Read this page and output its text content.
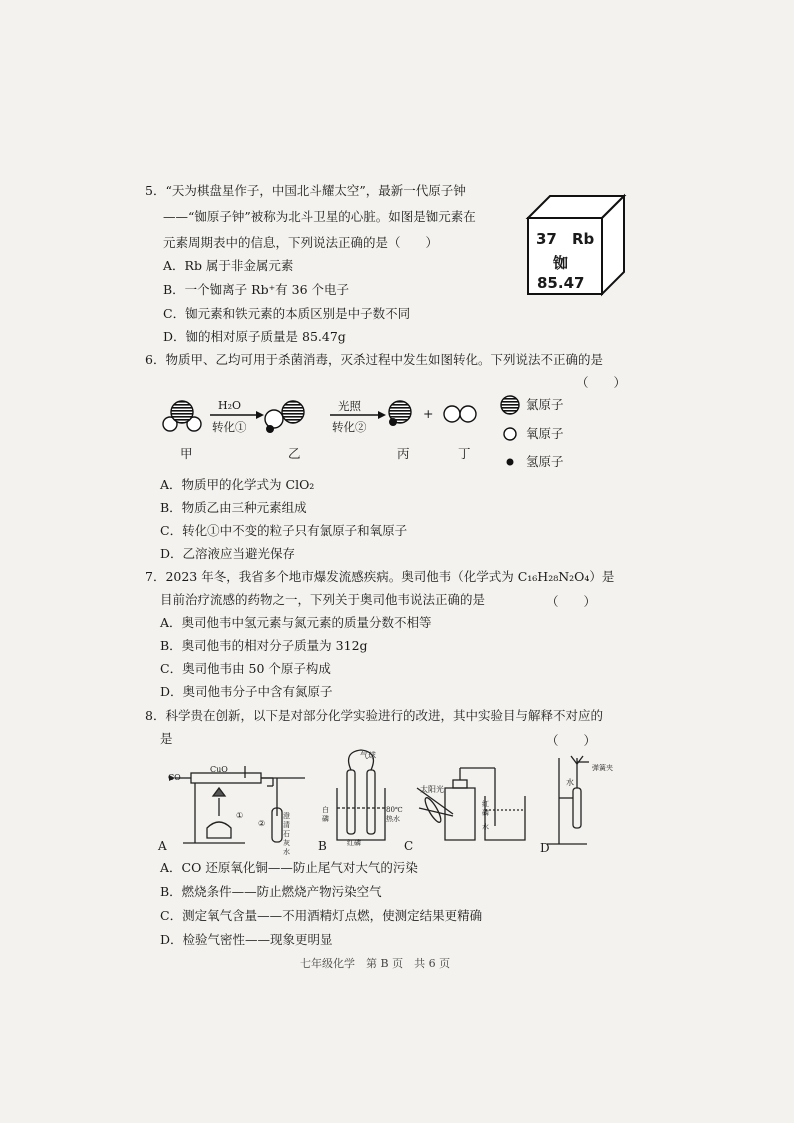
5．“天为棋盘星作子，中国北斗耀太空”，最新一代原子钟
——“铷原子钟”被称为北斗卫星的心脏。如图是铷元素在
元素周期表中的信息，下列说法正确的是（　　）
A．Rb 属于非金属元素
B．一个铷离子 Rb⁺有 36 个电子
C．铷元素和铁元素的本质区别是中子数不同
D．铷的相对原子质量是 85.47g
37 Rb
铷
85.47
6．物质甲、乙均可用于杀菌消毒，灭杀过程中发生如图转化。下列说法不正确的是
（　　）
H₂O
转化①
光照
转化②
+
甲	乙	丙	丁
氯原子
氧原子
氢原子
A．物质甲的化学式为 ClO₂
B．物质乙由三种元素组成
C．转化①中不变的粒子只有氯原子和氧原子
D．乙溶液应当避光保存
7．2023 年冬，我省多个地市爆发流感疾病。奥司他韦（化学式为 C₁₆H₂₈N₂O₄）是
目前治疗流感的药物之一，下列关于奥司他韦说法正确的是	（　　）
A．奥司他韦中氢元素与氮元素的质量分数不相等
B．奥司他韦的相对分子质量为 312g
C．奥司他韦由 50 个原子构成
D．奥司他韦分子中含有氮原子
8．科学贵在创新，以下是对部分化学实验进行的改进，其中实验目与解释不对应的
是	（　　）
A	B	C	D
CO
CuO
①
②
澄清石灰水
气球
白磷
红磷
80℃热水
太阳光
红磷
水
水
弹簧夹
A．CO 还原氧化铜——防止尾气对大气的污染
B．燃烧条件——防止燃烧产物污染空气
C．测定氧气含量——不用酒精灯点燃，使测定结果更精确
D．检验气密性——现象更明显
七年级化学　第 B 页　共 6 页
